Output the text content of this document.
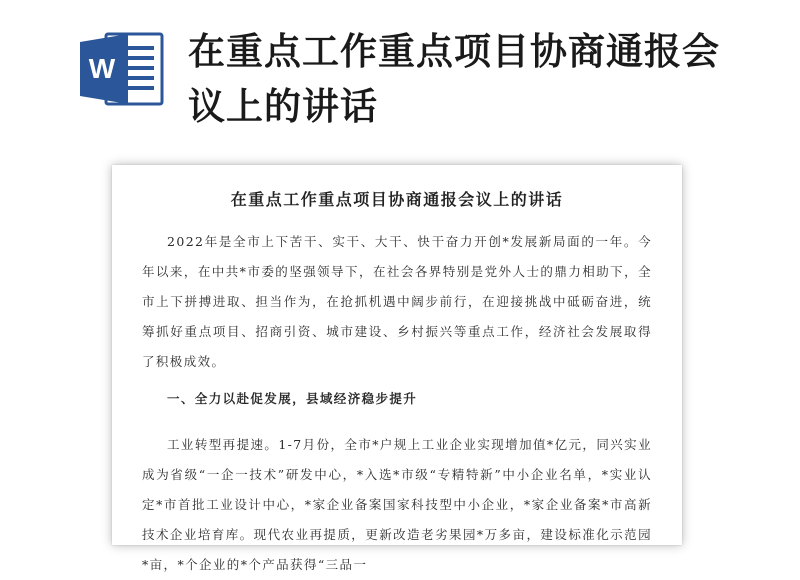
W 在重点工作重点项目协商通报会议上的讲话
在重点工作重点项目协商通报会议上的讲话

2022年是全市上下苦干、实干、大干、快干奋力开创*发展新局面的一年。今年以来，在中共*市委的坚强领导下，在社会各界特别是党外人士的鼎力相助下，全市上下拼搏进取、担当作为，在抢抓机遇中阔步前行，在迎接挑战中砥砺奋进，统筹抓好重点项目、招商引资、城市建设、乡村振兴等重点工作，经济社会发展取得了积极成效。

一、全力以赴促发展，县域经济稳步提升

工业转型再提速。1-7月份，全市*户规上工业企业实现增加值*亿元，同兴实业成为省级“一企一技术”研发中心，*入选*市级“专精特新”中小企业名单，*实业认定*市首批工业设计中心，*家企业备案国家科技型中小企业，*家企业备案*市高新技术企业培育库。现代农业再提质，更新改造老劣果园*万多亩，建设标准化示范园*亩，*个企业的*个产品获得“三品一
